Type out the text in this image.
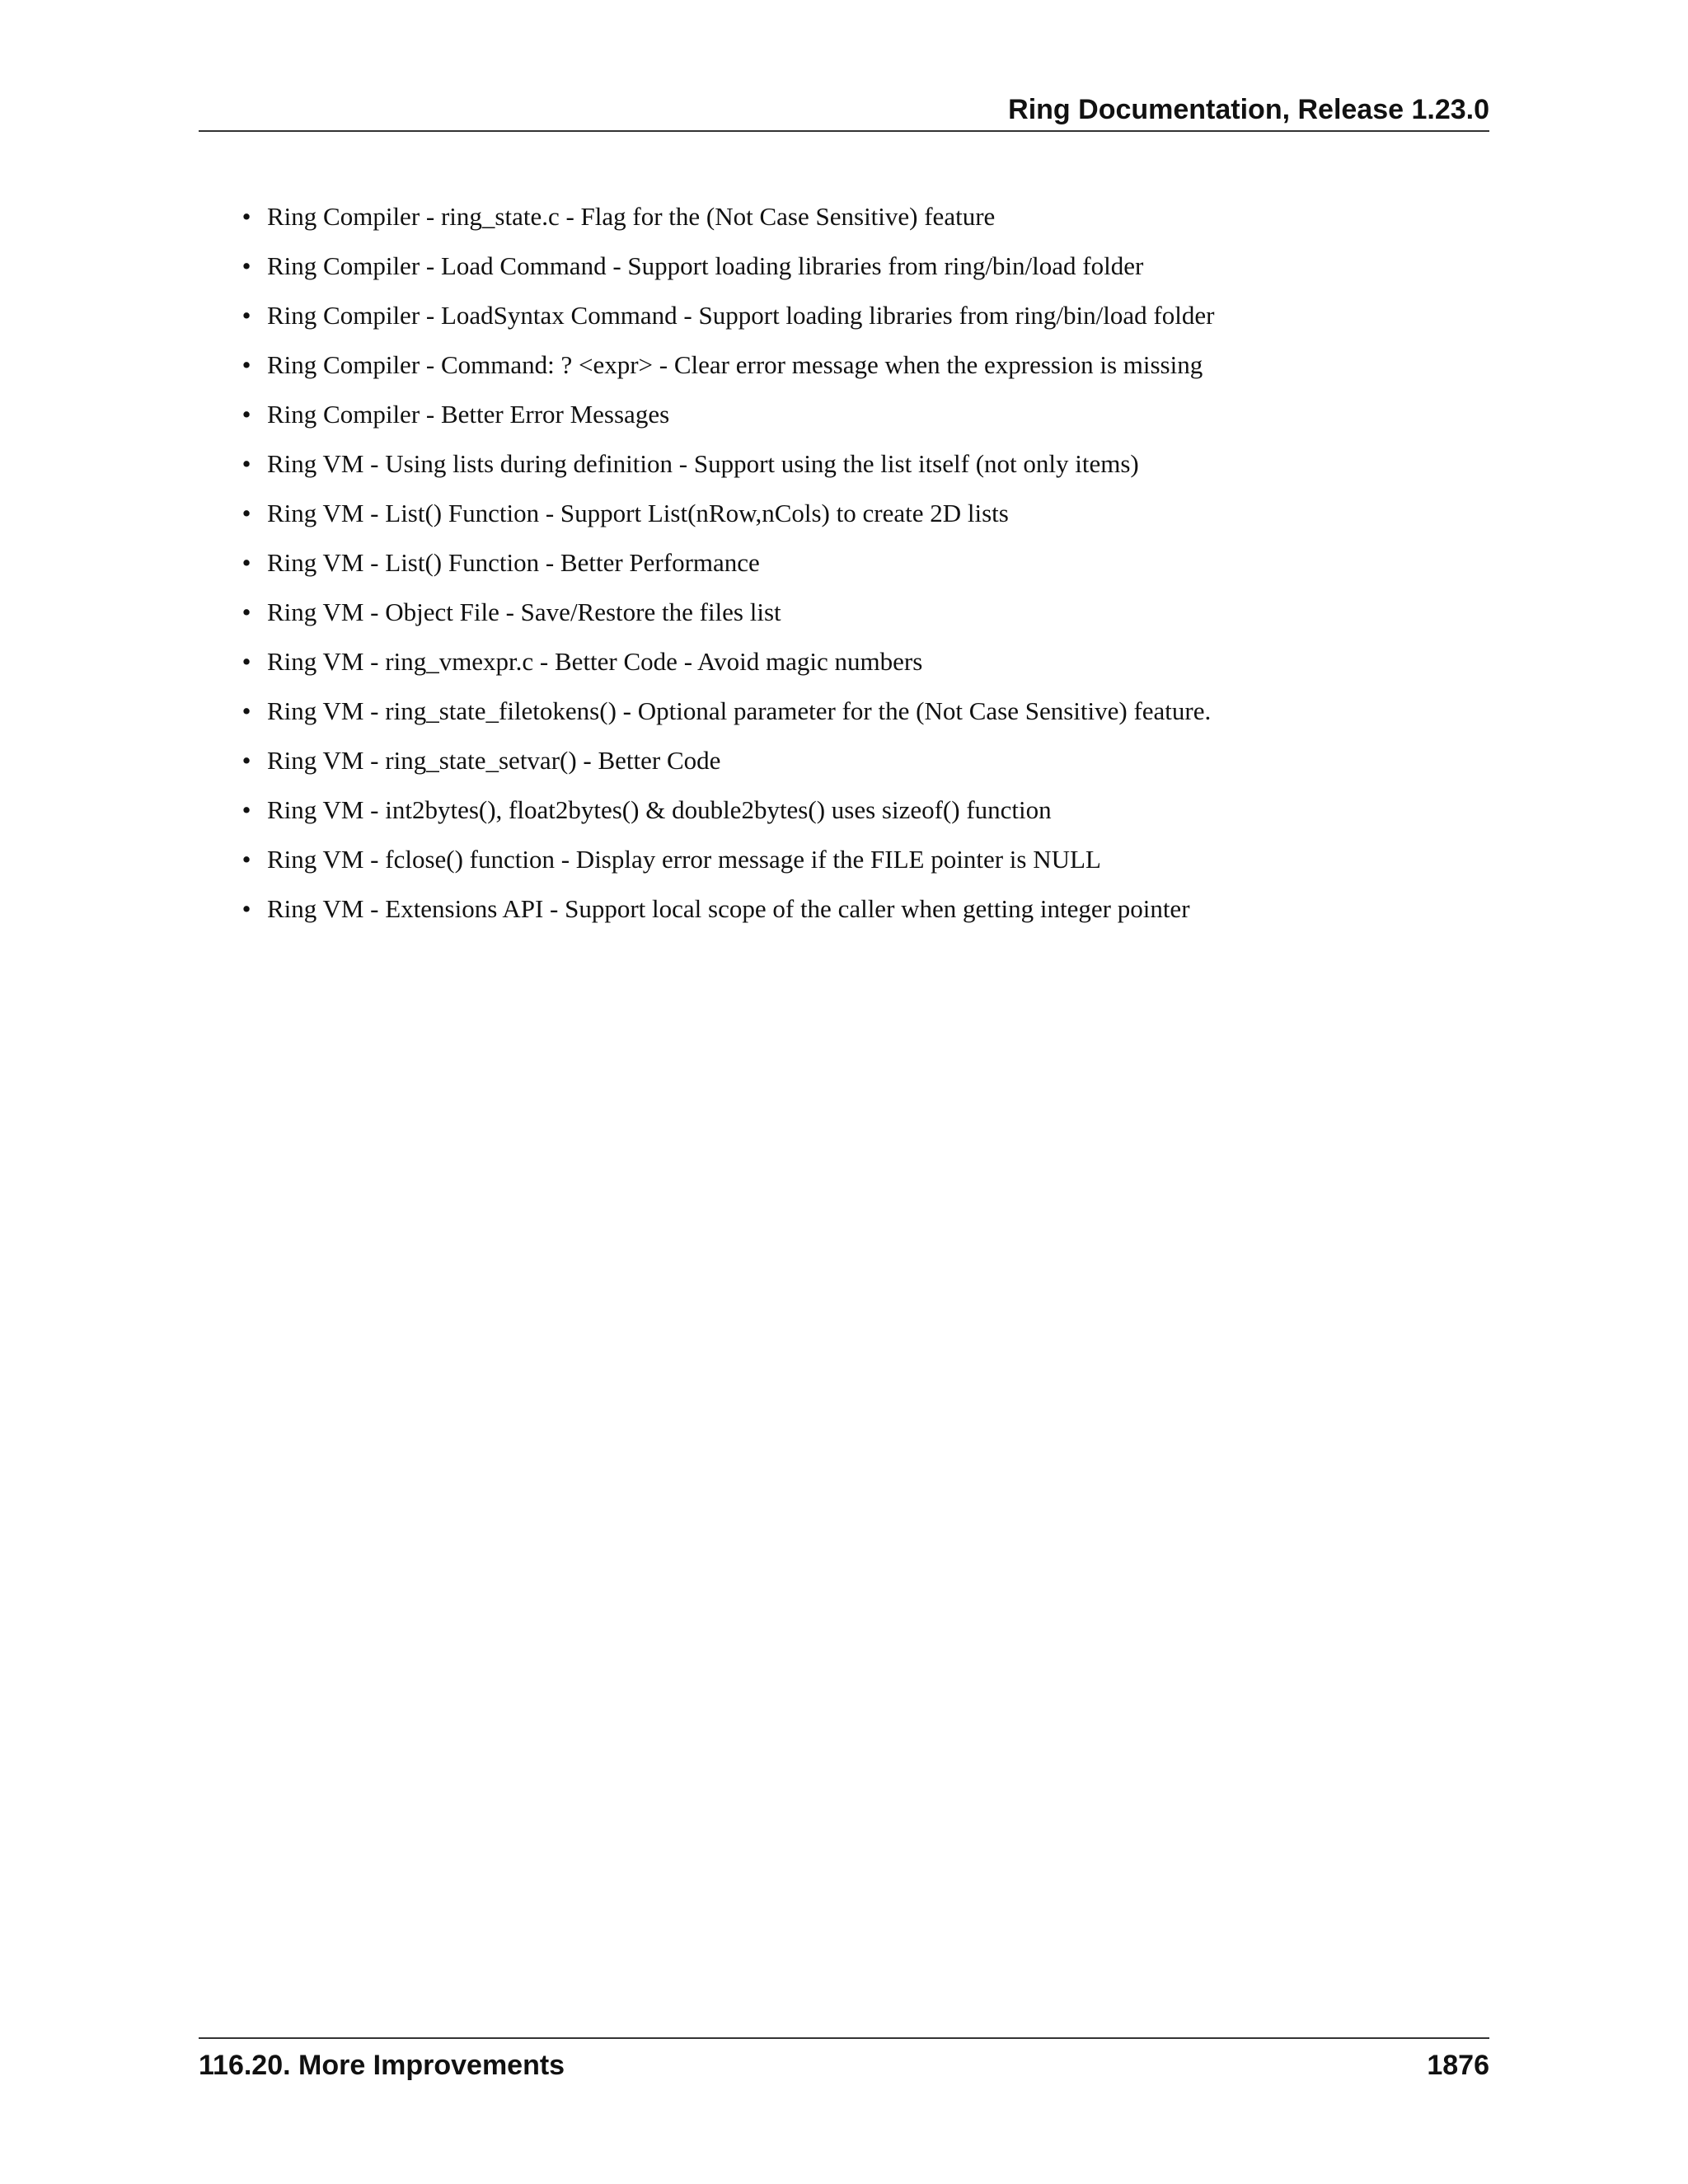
Ring Documentation, Release 1.23.0
• Ring Compiler - ring_state.c - Flag for the (Not Case Sensitive) feature
• Ring Compiler - Load Command - Support loading libraries from ring/bin/load folder
• Ring Compiler - LoadSyntax Command - Support loading libraries from ring/bin/load folder
• Ring Compiler - Command: ? <expr> - Clear error message when the expression is missing
• Ring Compiler - Better Error Messages
• Ring VM - Using lists during definition - Support using the list itself (not only items)
• Ring VM - List() Function - Support List(nRow,nCols) to create 2D lists
• Ring VM - List() Function - Better Performance
• Ring VM - Object File - Save/Restore the files list
• Ring VM - ring_vmexpr.c - Better Code - Avoid magic numbers
• Ring VM - ring_state_filetokens() - Optional parameter for the (Not Case Sensitive) feature.
• Ring VM - ring_state_setvar() - Better Code
• Ring VM - int2bytes(), float2bytes() & double2bytes() uses sizeof() function
• Ring VM - fclose() function - Display error message if the FILE pointer is NULL
• Ring VM - Extensions API - Support local scope of the caller when getting integer pointer
116.20. More Improvements	1876
